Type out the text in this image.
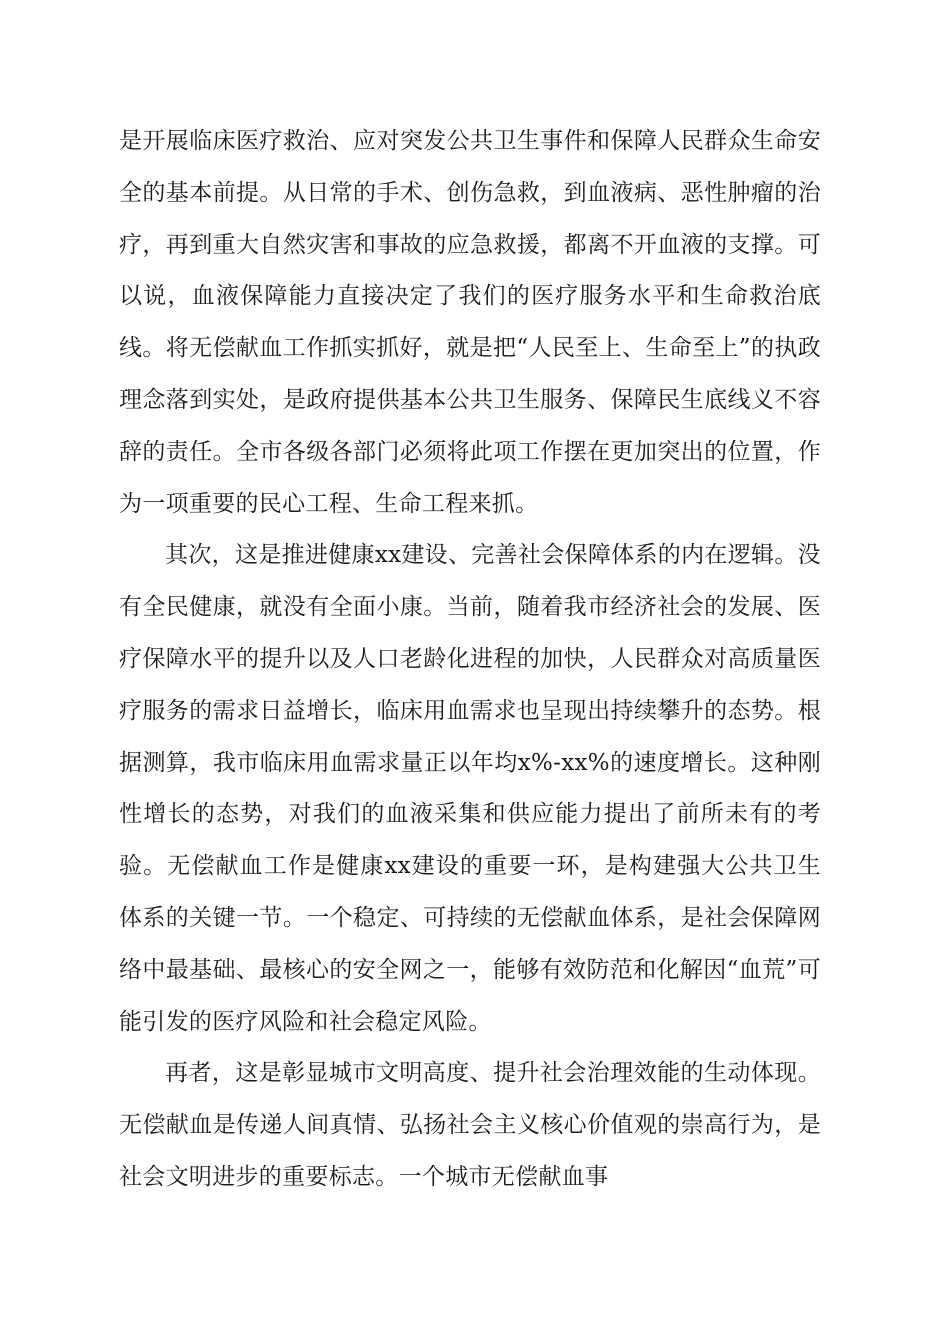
是开展临床医疗救治、应对突发公共卫生事件和保障人民群众生命安全的基本前提。从日常的手术、创伤急救，到血液病、恶性肿瘤的治疗，再到重大自然灾害和事故的应急救援，都离不开血液的支撑。可以说，血液保障能力直接决定了我们的医疗服务水平和生命救治底线。将无偿献血工作抓实抓好，就是把“人民至上、生命至上”的执政理念落到实处，是政府提供基本公共卫生服务、保障民生底线义不容辞的责任。全市各级各部门必须将此项工作摆在更加突出的位置，作为一项重要的民心工程、生命工程来抓。

其次，这是推进健康xx建设、完善社会保障体系的内在逻辑。没有全民健康，就没有全面小康。当前，随着我市经济社会的发展、医疗保障水平的提升以及人口老龄化进程的加快，人民群众对高质量医疗服务的需求日益增长，临床用血需求也呈现出持续攀升的态势。根据测算，我市临床用血需求量正以年均x%-xx%的速度增长。这种刚性增长的态势，对我们的血液采集和供应能力提出了前所未有的考验。无偿献血工作是健康xx建设的重要一环，是构建强大公共卫生体系的关键一节。一个稳定、可持续的无偿献血体系，是社会保障网络中最基础、最核心的安全网之一，能够有效防范和化解因“血荒”可能引发的医疗风险和社会稳定风险。

再者，这是彰显城市文明高度、提升社会治理效能的生动体现。无偿献血是传递人间真情、弘扬社会主义核心价值观的崇高行为，是社会文明进步的重要标志。一个城市无偿献血事
